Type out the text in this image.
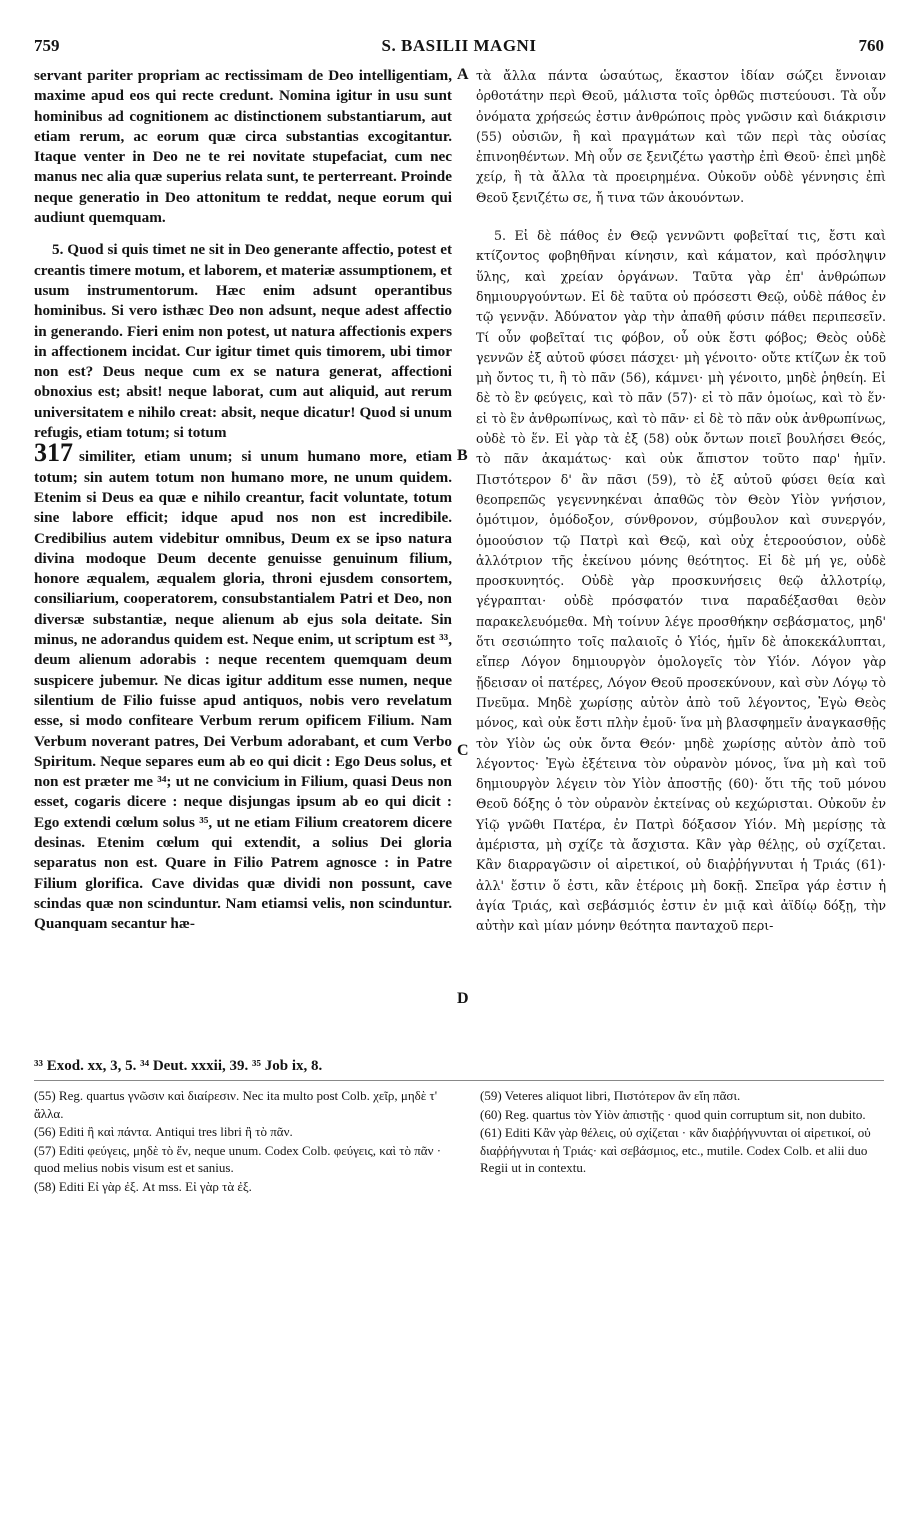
759	S. BASILII MAGNI	760

servant pariter propriam ac rectissimam de Deo intelligentiam, maxime apud eos qui recte credunt. Nomina igitur in usu sunt hominibus ad cognitionem ac distinctionem substantiarum, aut etiam rerum, ac eorum quæ circa substantias excogitantur. Itaque venter in Deo ne te rei novitate stupefaciat, cum nec manus nec alia quæ superius relata sunt, te perterreant. Proinde neque generatio in Deo attonitum te reddat, neque eorum qui audiunt quemquam.

5. Quod si quis timet ne sit in Deo generante affectio, potest et creantis timere motum, et laborem, et materiæ assumptionem, et usum instrumentorum. Hæc enim adsunt operantibus hominibus. Si vero isthæc Deo non adsunt, neque adest affectio in generando. Fieri enim non potest, ut natura affectionis expers in affectionem incidat. Cur igitur timet quis timorem, ubi timor non est? Deus neque cum ex se natura generat, affectioni obnoxius est; absit! neque laborat, cum aut aliquid, aut rerum universitatem e nihilo creat: absit, neque dicatur! Quod si unum refugis, etiam totum; si totum

317 similiter, etiam unum; si unum humano more, etiam totum; sin autem totum non humano more, ne unum quidem. Etenim si Deus ea quæ e nihilo creantur, facit voluntate, totum sine labore efficit; idque apud nos non est incredibile. Credibilius autem videbitur omnibus, Deum ex se ipso natura divina modoque Deum decente genuisse genuinum filium, honore æqualem, æqualem gloria, throni ejusdem consortem, consiliarium, cooperatorem, consubstantialem Patri et Deo, non diversæ substantiæ, neque alienum ab ejus sola deitate. Sin minus, ne adorandus quidem est. Neque enim, ut scriptum est ³³, deum alienum adorabis : neque recentem quemquam deum suspicere jubemur. Ne dicas igitur additum esse numen, neque silentium de Filio fuisse apud antiquos, nobis vero revelatum esse, si modo confiteare Verbum rerum opificem Filium. Nam Verbum noverant patres, Dei Verbum adorabant, et cum Verbo Spiritum. Neque separes eum ab eo qui dicit : Ego Deus solus, et non est præter me ³⁴; ut ne convicium in Filium, quasi Deus non esset, cogaris dicere : neque disjungas ipsum ab eo qui dicit : Ego extendi cœlum solus ³⁵, ut ne etiam Filium creatorem dicere desinas. Etenim cœlum qui extendit, a solius Dei gloria separatus non est. Quare in Filio Patrem agnosce : in Patre Filium glorifica. Cave dividas quæ dividi non possunt, cave scindas quæ non scinduntur. Nam etiamsi velis, non scinduntur. Quanquam secantur hæ-

A
B
C
D

τὰ ἄλλα πάντα ὡσαύτως, ἕκαστον ἰδίαν σώζει ἔννοιαν ὀρθοτάτην περὶ Θεοῦ, μάλιστα τοῖς ὀρθῶς πιστεύουσι. Τὰ οὖν ὀνόματα χρήσεώς ἐστιν ἀνθρώποις πρὸς γνῶσιν καὶ διάκρισιν (55) οὐσιῶν, ἢ καὶ πραγμάτων καὶ τῶν περὶ τὰς οὐσίας ἐπινοηθέντων. Μὴ οὖν σε ξενιζέτω γαστὴρ ἐπὶ Θεοῦ· ἐπεὶ μηδὲ χείρ, ἢ τὰ ἄλλα τὰ προειρημένα. Οὐκοῦν οὐδὲ γέννησις ἐπὶ Θεοῦ ξενιζέτω σε, ἤ τινα τῶν ἀκουόντων.

5. Εἰ δὲ πάθος ἐν Θεῷ γεννῶντι φοβεῖταί τις, ἔστι καὶ κτίζοντος φοβηθῆναι κίνησιν, καὶ κάματον, καὶ πρόσληψιν ὕλης, καὶ χρείαν ὀργάνων. Ταῦτα γὰρ ἐπ' ἀνθρώπων δημιουργούντων. Εἰ δὲ ταῦτα οὐ πρόσεστι Θεῷ, οὐδὲ πάθος ἐν τῷ γεννᾷν. Ἀδύνατον γὰρ τὴν ἀπαθῆ φύσιν πάθει περιπεσεῖν. Τί οὖν φοβεῖταί τις φόβον, οὗ οὐκ ἔστι φόβος; Θεὸς οὐδὲ γεννῶν ἐξ αὐτοῦ φύσει πάσχει· μὴ γένοιτο· οὔτε κτίζων ἐκ τοῦ μὴ ὄντος τι, ἢ τὸ πᾶν (56), κάμνει· μὴ γένοιτο, μηδὲ ῥηθείη. Εἰ δὲ τὸ ἓν φεύγεις, καὶ τὸ πᾶν (57)· εἰ τὸ πᾶν ὁμοίως, καὶ τὸ ἕν· εἰ τὸ ἓν ἀνθρωπίνως, καὶ τὸ πᾶν· εἰ δὲ τὸ πᾶν οὐκ ἀνθρωπίνως, οὐδὲ τὸ ἕν. Εἰ γὰρ τὰ ἐξ (58) οὐκ ὄντων ποιεῖ βουλήσει Θεός, τὸ πᾶν ἀκαμάτως· καὶ οὐκ ἄπιστον τοῦτο παρ' ἡμῖν. Πιστότερον δ' ἂν πᾶσι (59), τὸ ἐξ αὐτοῦ φύσει θεία καὶ θεοπρεπῶς γεγεννηκέναι ἀπαθῶς τὸν Θεὸν Υἱὸν γνήσιον, ὁμότιμον, ὁμόδοξον, σύνθρονον, σύμβουλον καὶ συνεργόν, ὁμοούσιον τῷ Πατρὶ καὶ Θεῷ, καὶ οὐχ ἑτεροούσιον, οὐδὲ ἀλλότριον τῆς ἐκείνου μόνης θεότητος. Εἰ δὲ μή γε, οὐδὲ προσκυνητός. Οὐδὲ γὰρ προσκυνήσεις θεῷ ἀλλοτρίῳ, γέγραπται· οὐδὲ πρόσφατόν τινα παραδέξασθαι θεὸν παρακελευόμεθα. Μὴ τοίνυν λέγε προσθήκην σεβάσματος, μηδ' ὅτι σεσιώπητο τοῖς παλαιοῖς ὁ Υἱός, ἡμῖν δὲ ἀποκεκάλυπται, εἴπερ Λόγον δημιουργὸν ὁμολογεῖς τὸν Υἱόν. Λόγον γὰρ ᾔδεισαν οἱ πατέρες, Λόγον Θεοῦ προσεκύνουν, καὶ σὺν Λόγῳ τὸ Πνεῦμα. Μηδὲ χωρίσῃς αὐτὸν ἀπὸ τοῦ λέγοντος, Ἐγὼ Θεὸς μόνος, καὶ οὐκ ἔστι πλὴν ἐμοῦ· ἵνα μὴ βλασφημεῖν ἀναγκασθῇς τὸν Υἱὸν ὡς οὐκ ὄντα Θεόν· μηδὲ χωρίσῃς αὐτὸν ἀπὸ τοῦ λέγοντος· Ἐγὼ ἐξέτεινα τὸν οὐρανὸν μόνος, ἵνα μὴ καὶ τοῦ δημιουργὸν λέγειν τὸν Υἱὸν ἀποστῇς (60)· ὅτι τῆς τοῦ μόνου Θεοῦ δόξης ὁ τὸν οὐρανὸν ἐκτείνας οὐ κεχώρισται. Οὐκοῦν ἐν Υἱῷ γνῶθι Πατέρα, ἐν Πατρὶ δόξασον Υἱόν. Μὴ μερίσῃς τὰ ἀμέριστα, μὴ σχίζε τὰ ἄσχιστα. Κἂν γὰρ θέλῃς, οὐ σχίζεται. Κἂν διαρραγῶσιν οἱ αἱρετικοί, οὐ διαῤῥήγνυται ἡ Τριάς (61)· ἀλλ' ἔστιν ὅ ἐστι, κἂν ἑτέροις μὴ δοκῇ. Σπεῖρα γάρ ἐστιν ἡ ἁγία Τριάς, καὶ σεβάσμιός ἐστιν ἐν μιᾷ καὶ ἀϊδίῳ δόξῃ, τὴν αὐτὴν καὶ μίαν μόνην θεότητα πανταχοῦ περι-

³³ Exod. xx, 3, 5. ³⁴ Deut. xxxii, 39. ³⁵ Job ix, 8.

(55) Reg. quartus γνῶσιν καὶ διαίρεσιν. Nec ita multo post Colb. χεῖρ, μηδὲ τ' ἄλλα.

(56) Editi ἢ καὶ πάντα. Antiqui tres libri ἢ τὸ πᾶν.

(57) Editi φεύγεις, μηδὲ τὸ ἕν, neque unum. Codex Colb. φεύγεις, καὶ τὸ πᾶν · quod melius nobis visum est et sanius.

(58) Editi Εἰ γὰρ ἐξ. At mss. Εἰ γὰρ τὰ ἐξ.

(59) Veteres aliquot libri, Πιστότερον ἂν εἴη πᾶσι.

(60) Reg. quartus τὸν Υἱὸν ἀπιστῇς · quod quin corruptum sit, non dubito.

(61) Editi Κἂν γὰρ θέλεις, οὐ σχίζεται · κἂν διαῤῥήγνυνται οἱ αἱρετικοί, οὐ διαῤῥήγνυται ἡ Τριάς· καὶ σεβάσμιος, etc., mutile. Codex Colb. et alii duo Regii ut in contextu.
